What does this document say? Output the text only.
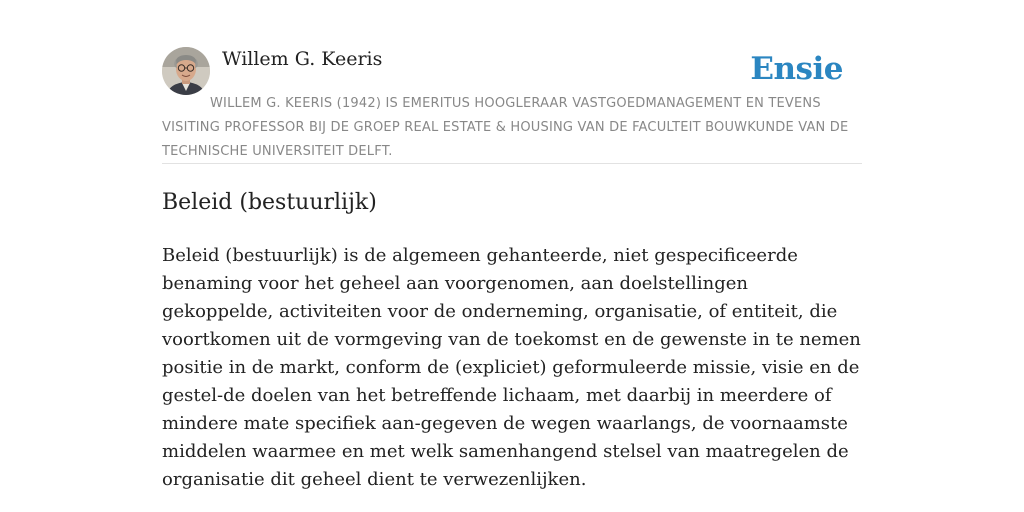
Willem G. Keeris	Ensie

WILLEM G. KEERIS (1942) IS EMERITUS HOOGLERAAR VASTGOEDMANAGEMENT EN TEVENS VISITING PROFESSOR BIJ DE GROEP REAL ESTATE & HOUSING VAN DE FACULTEIT BOUWKUNDE VAN DE TECHNISCHE UNIVERSITEIT DELFT.

Beleid (bestuurlijk)

Beleid (bestuurlijk) is de algemeen gehanteerde, niet gespecificeerde benaming voor het geheel aan voorgenomen, aan doelstellingen gekoppelde, activiteiten voor de onderneming, organisatie, of entiteit, die voortkomen uit de vormgeving van de toekomst en de gewenste in te nemen positie in de markt, conform de (expliciet) geformuleerde missie, visie en de gestel-de doelen van het betreffende lichaam, met daarbij in meerdere of mindere mate specifiek aan-gegeven de wegen waarlangs, de voornaamste middelen waarmee en met welk samenhangend stelsel van maatregelen de organisatie dit geheel dient te verwezenlijken.
